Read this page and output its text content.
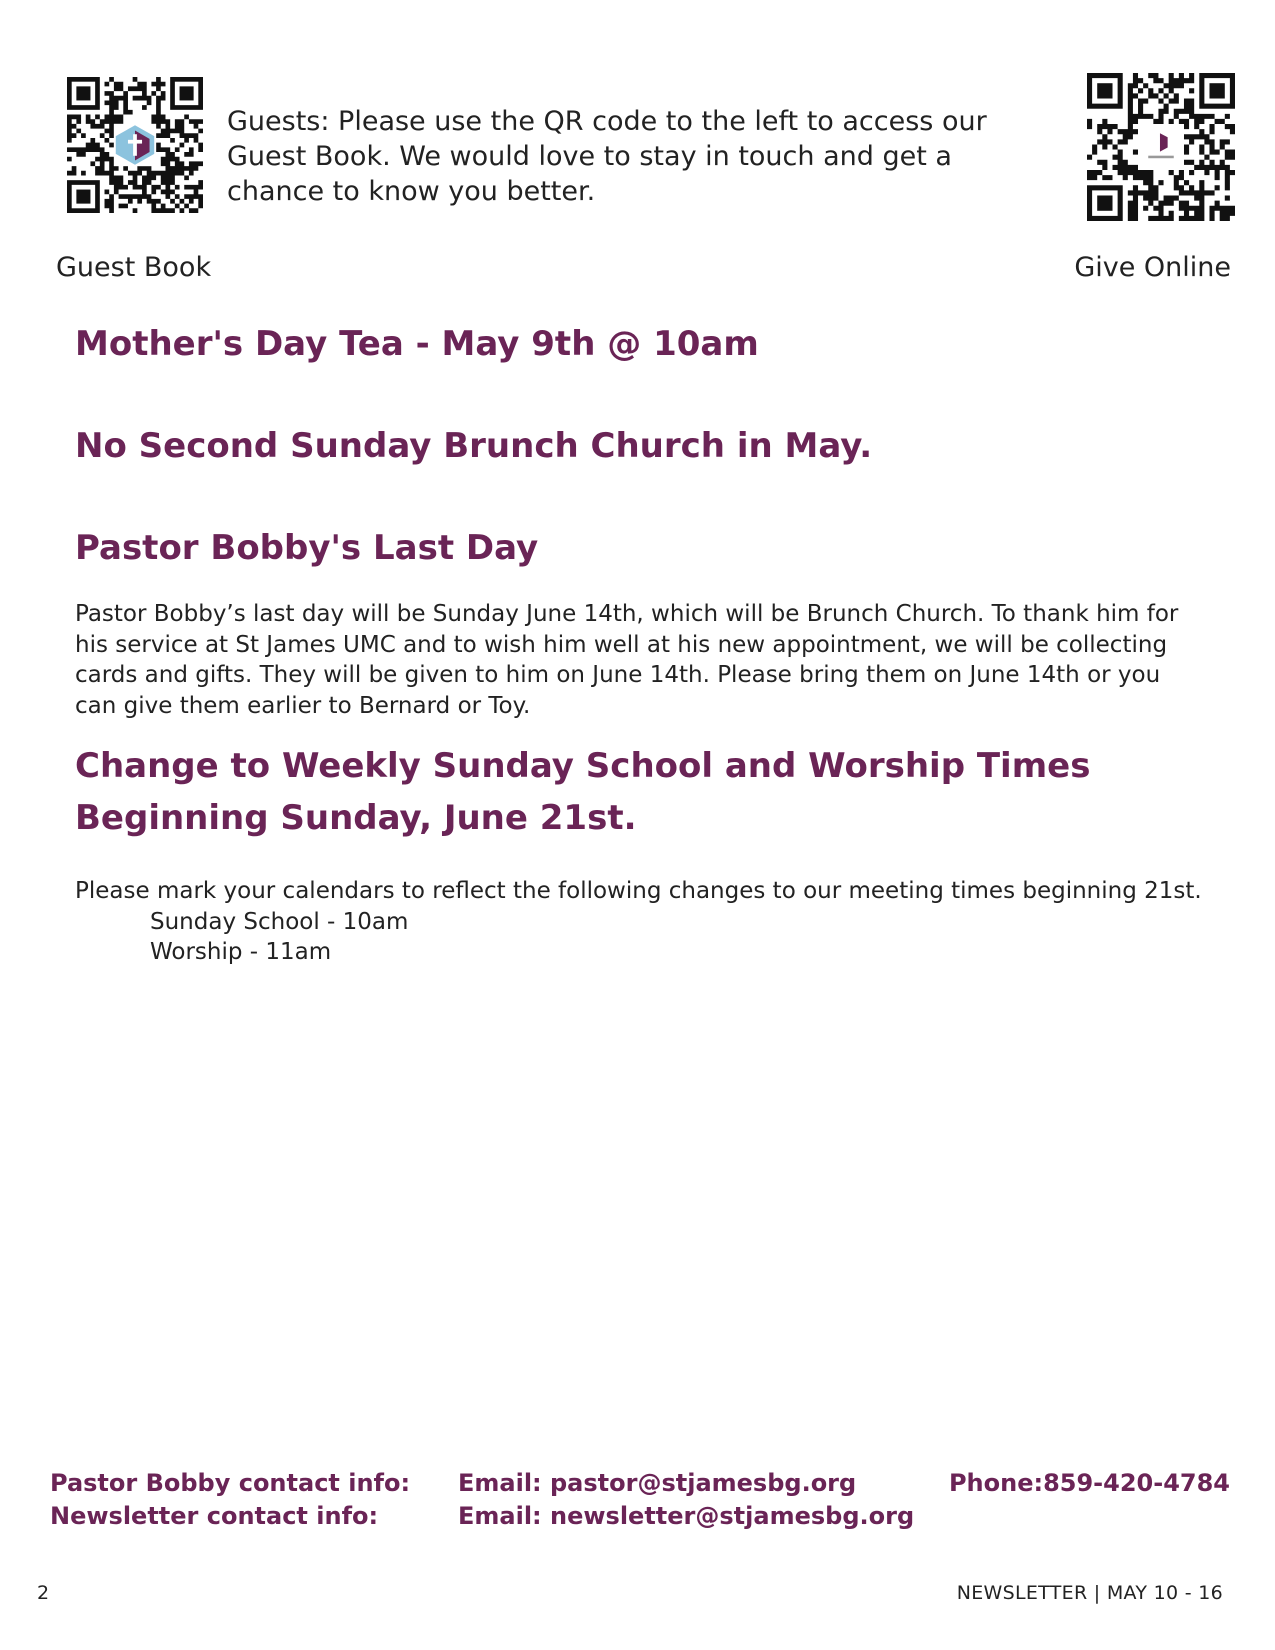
Guests: Please use the QR code to the left to access our Guest Book. We would love to stay in touch and get a chance to know you better.
Guest Book	Give Online
Mother's Day Tea - May 9th @ 10am
No Second Sunday Brunch Church in May.
Pastor Bobby's Last Day

Pastor Bobby’s last day will be Sunday June 14th, which will be Brunch Church. To thank him for his service at St James UMC and to wish him well at his new appointment, we will be collecting cards and gifts. They will be given to him on June 14th. Please bring them on June 14th or you can give them earlier to Bernard or Toy.

Change to Weekly Sunday School and Worship Times
Beginning Sunday, June 21st.
Please mark your calendars to reflect the following changes to our meeting times beginning 21st.
Sunday School - 10am
Worship - 11am
Pastor Bobby contact info:
Newsletter contact info:
Email: pastor@stjamesbg.org
Email: newsletter@stjamesbg.org
Phone:859-420-4784
2	NEWSLETTER | MAY 10 - 16
